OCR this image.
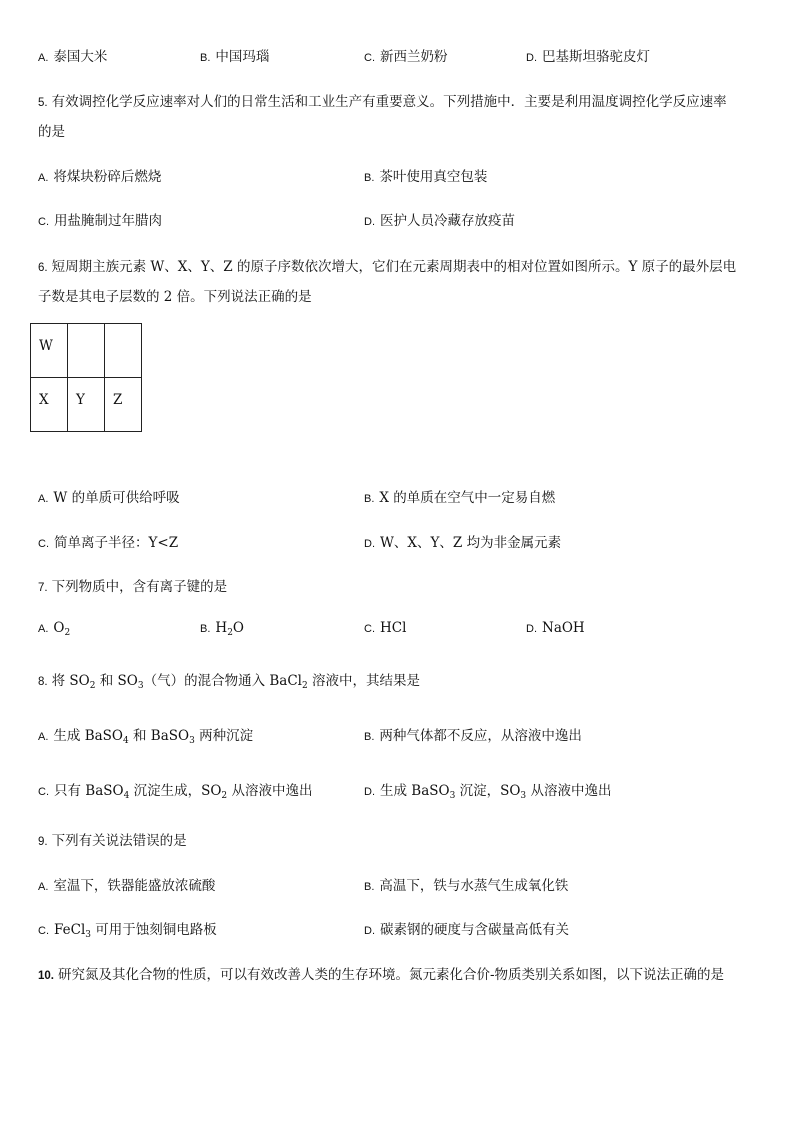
A. 泰国大米	B. 中国玛瑙	C. 新西兰奶粉	D. 巴基斯坦骆驼皮灯
5. 有效调控化学反应速率对人们的日常生活和工业生产有重要意义。下列措施中．主要是利用温度调控化学反应速率
的是
A. 将煤块粉碎后燃烧	B. 茶叶使用真空包装
C. 用盐腌制过年腊肉	D. 医护人员冷藏存放疫苗
6. 短周期主族元素 W、X、Y、Z 的原子序数依次增大，它们在元素周期表中的相对位置如图所示。Y 原子的最外层电
子数是其电子层数的 2 倍。下列说法正确的是
W		
X	Y	Z
A. W 的单质可供给呼吸	B. X 的单质在空气中一定易自燃
C. 简单离子半径：Y<Z	D. W、X、Y、Z 均为非金属元素
7. 下列物质中，含有离子键的是
A. $O_2$	B. $H_2O$	C. HCl	D. NaOH
8. 将 $SO_2$ 和 $SO_3$（气）的混合物通入 BaCl$_2$ 溶液中，其结果是
A. 生成 BaSO$_4$ 和 BaSO$_3$ 两种沉淀	B. 两种气体都不反应，从溶液中逸出
C. 只有 BaSO$_4$ 沉淀生成，$SO_2$ 从溶液中逸出	D. 生成 BaSO$_3$ 沉淀，$SO_3$ 从溶液中逸出
9. 下列有关说法错误的是
A. 室温下，铁器能盛放浓硫酸	B. 高温下，铁与水蒸气生成氧化铁
C. FeCl$_3$ 可用于蚀刻铜电路板	D. 碳素钢的硬度与含碳量高低有关
10. 研究氮及其化合物的性质，可以有效改善人类的生存环境。氮元素化合价-物质类别关系如图，以下说法正确的是
